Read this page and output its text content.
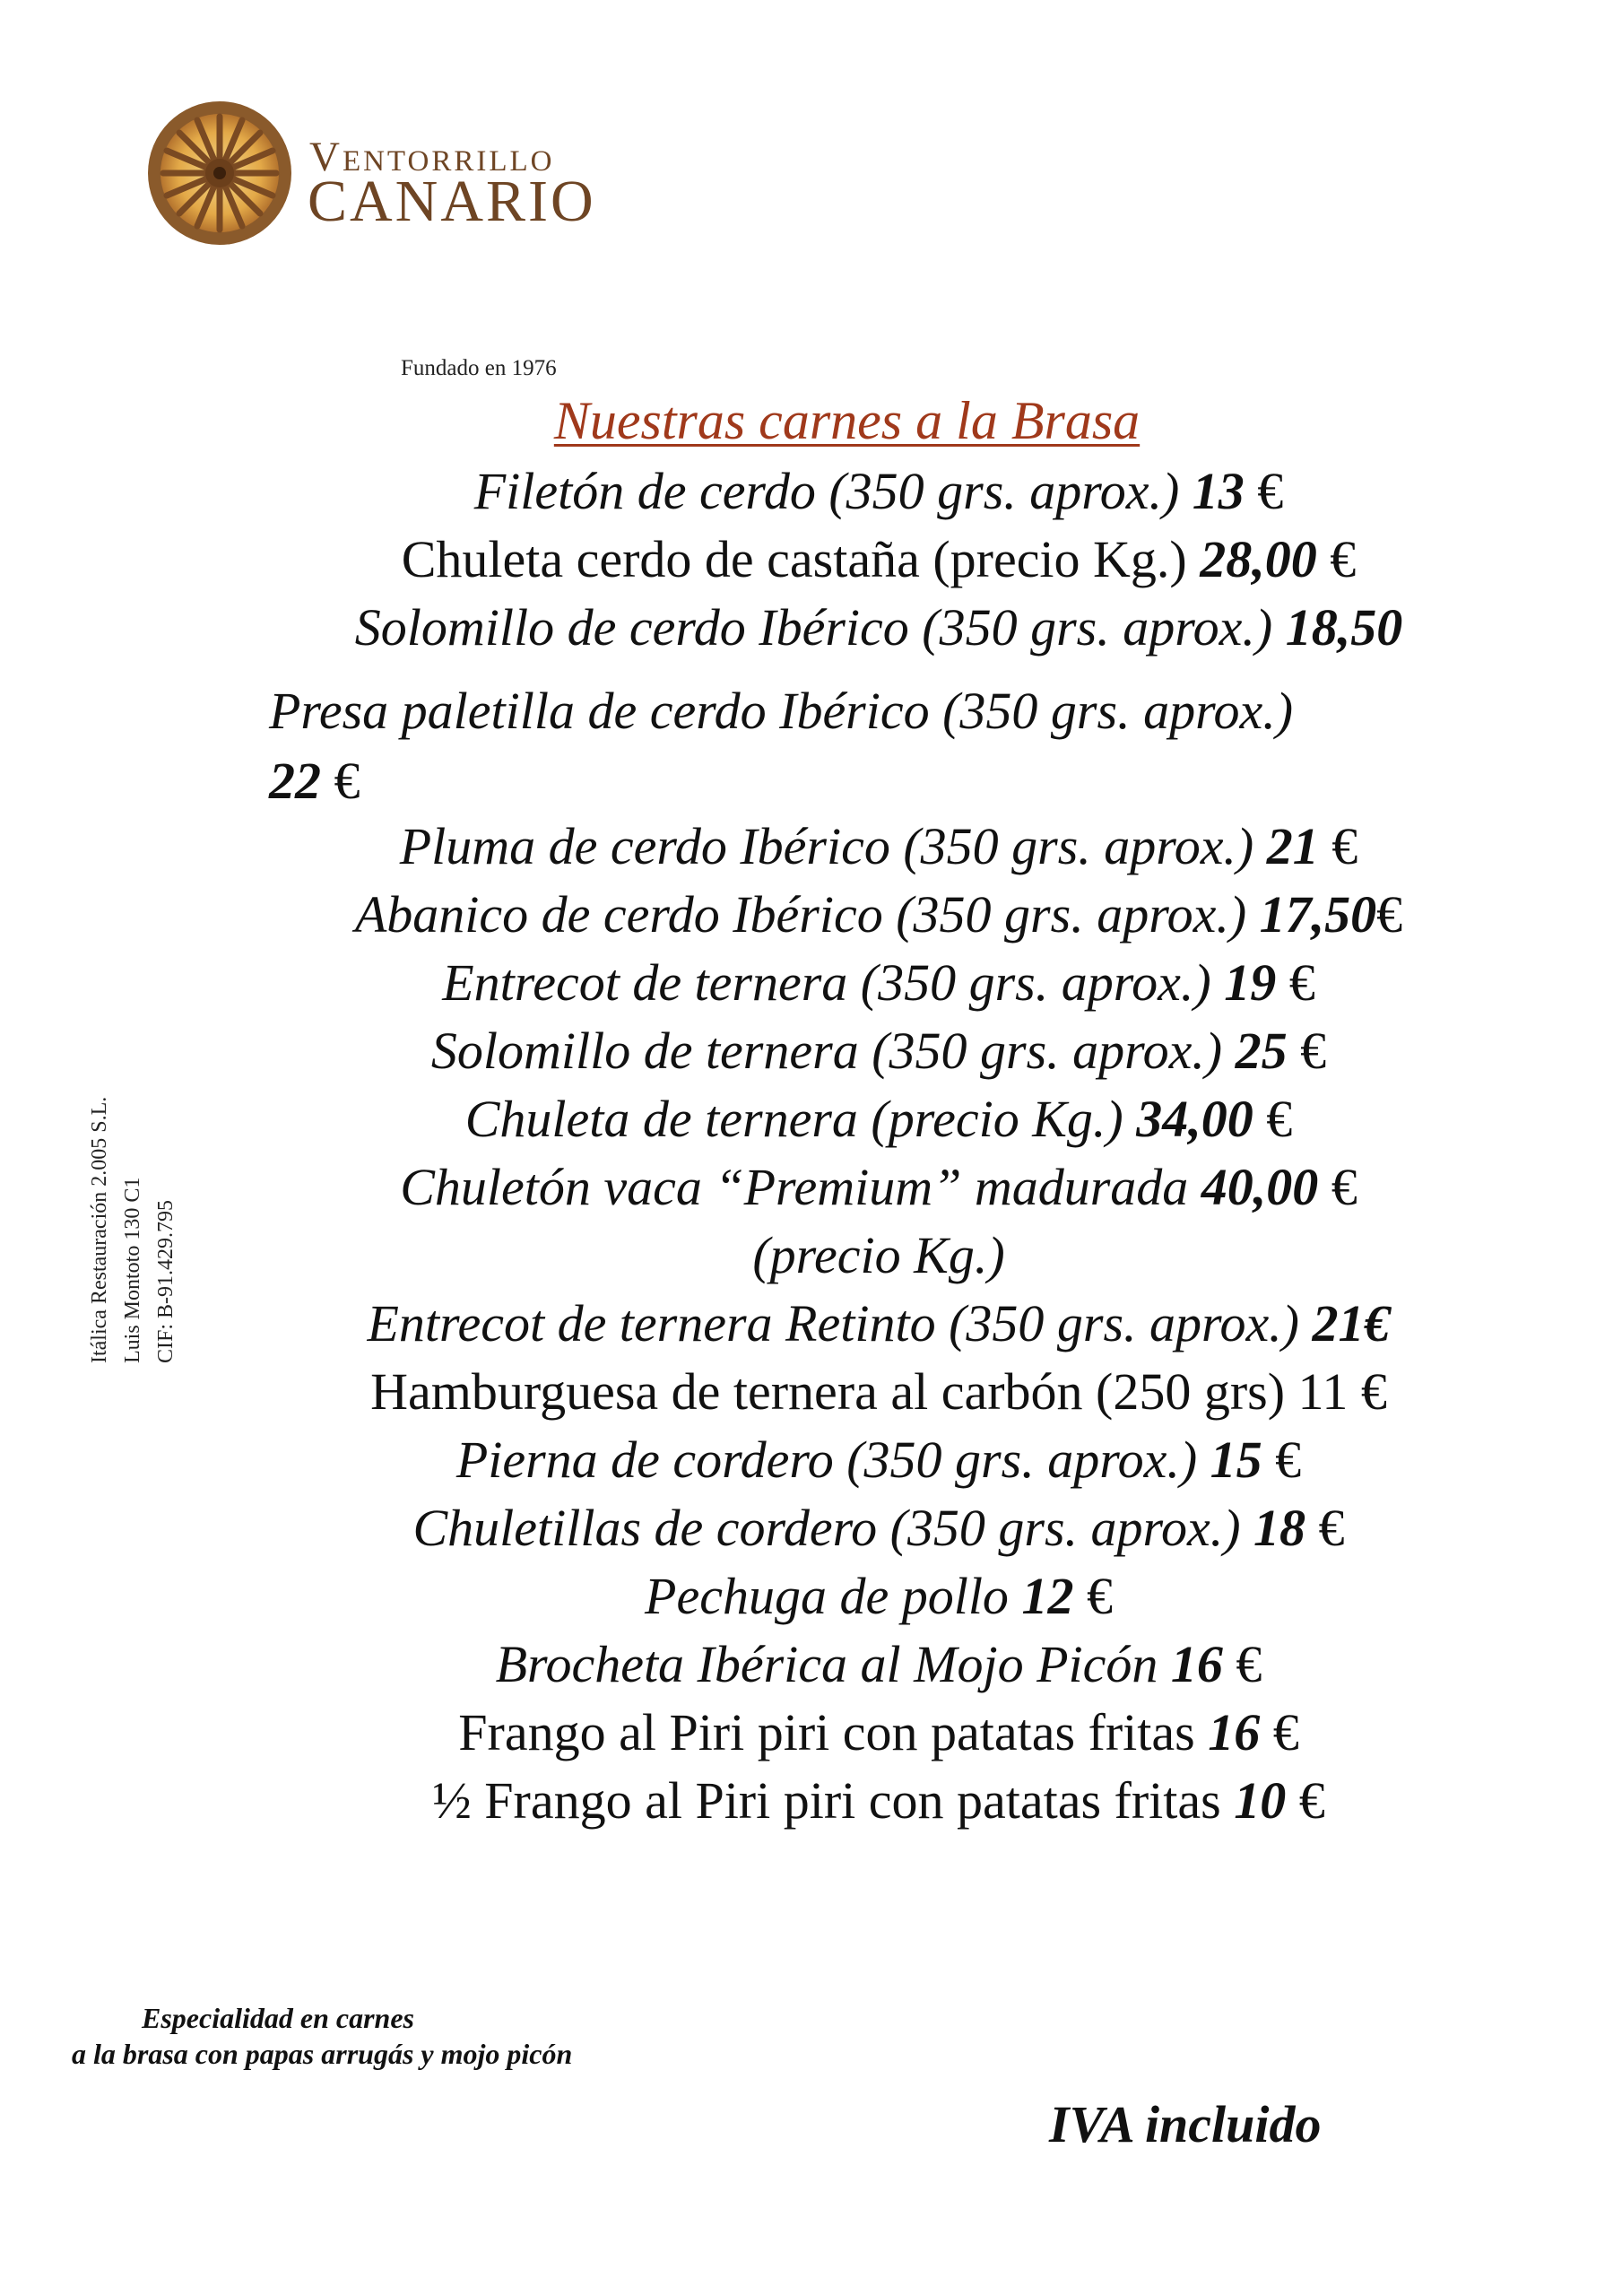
Ventorrillo
CANARIO
Fundado en 1976
Nuestras carnes a la Brasa
Filetón de cerdo (350 grs. aprox.) 13 €
Chuleta cerdo de castaña (precio Kg.) 28,00 €
Solomillo de cerdo Ibérico (350 grs. aprox.) 18,50
Presa paletilla de cerdo Ibérico (350 grs. aprox.)
22 €
Pluma de cerdo Ibérico (350 grs. aprox.) 21 €
Abanico de cerdo Ibérico (350 grs. aprox.) 17,50€
Entrecot de ternera (350 grs. aprox.) 19 €
Solomillo de ternera (350 grs. aprox.) 25 €
Chuleta de ternera (precio Kg.) 34,00 €
Chuletón vaca “Premium” madurada 40,00 €
(precio Kg.)
Entrecot de ternera Retinto (350 grs. aprox.) 21€
Hamburguesa de ternera al carbón (250 grs) 11 €
Pierna de cordero (350 grs. aprox.) 15 €
Chuletillas de cordero (350 grs. aprox.) 18 €
Pechuga de pollo 12 €
Brocheta Ibérica al Mojo Picón 16 €
Frango al Piri piri con patatas fritas 16 €
½ Frango al Piri piri con patatas fritas 10 €
Itálica Restauración 2.005 S.L. Luis Montoto 130 C1 CIF: B-91.429.795
Especialidad en carnes
a la brasa con papas arrugás y mojo picón
IVA incluido
